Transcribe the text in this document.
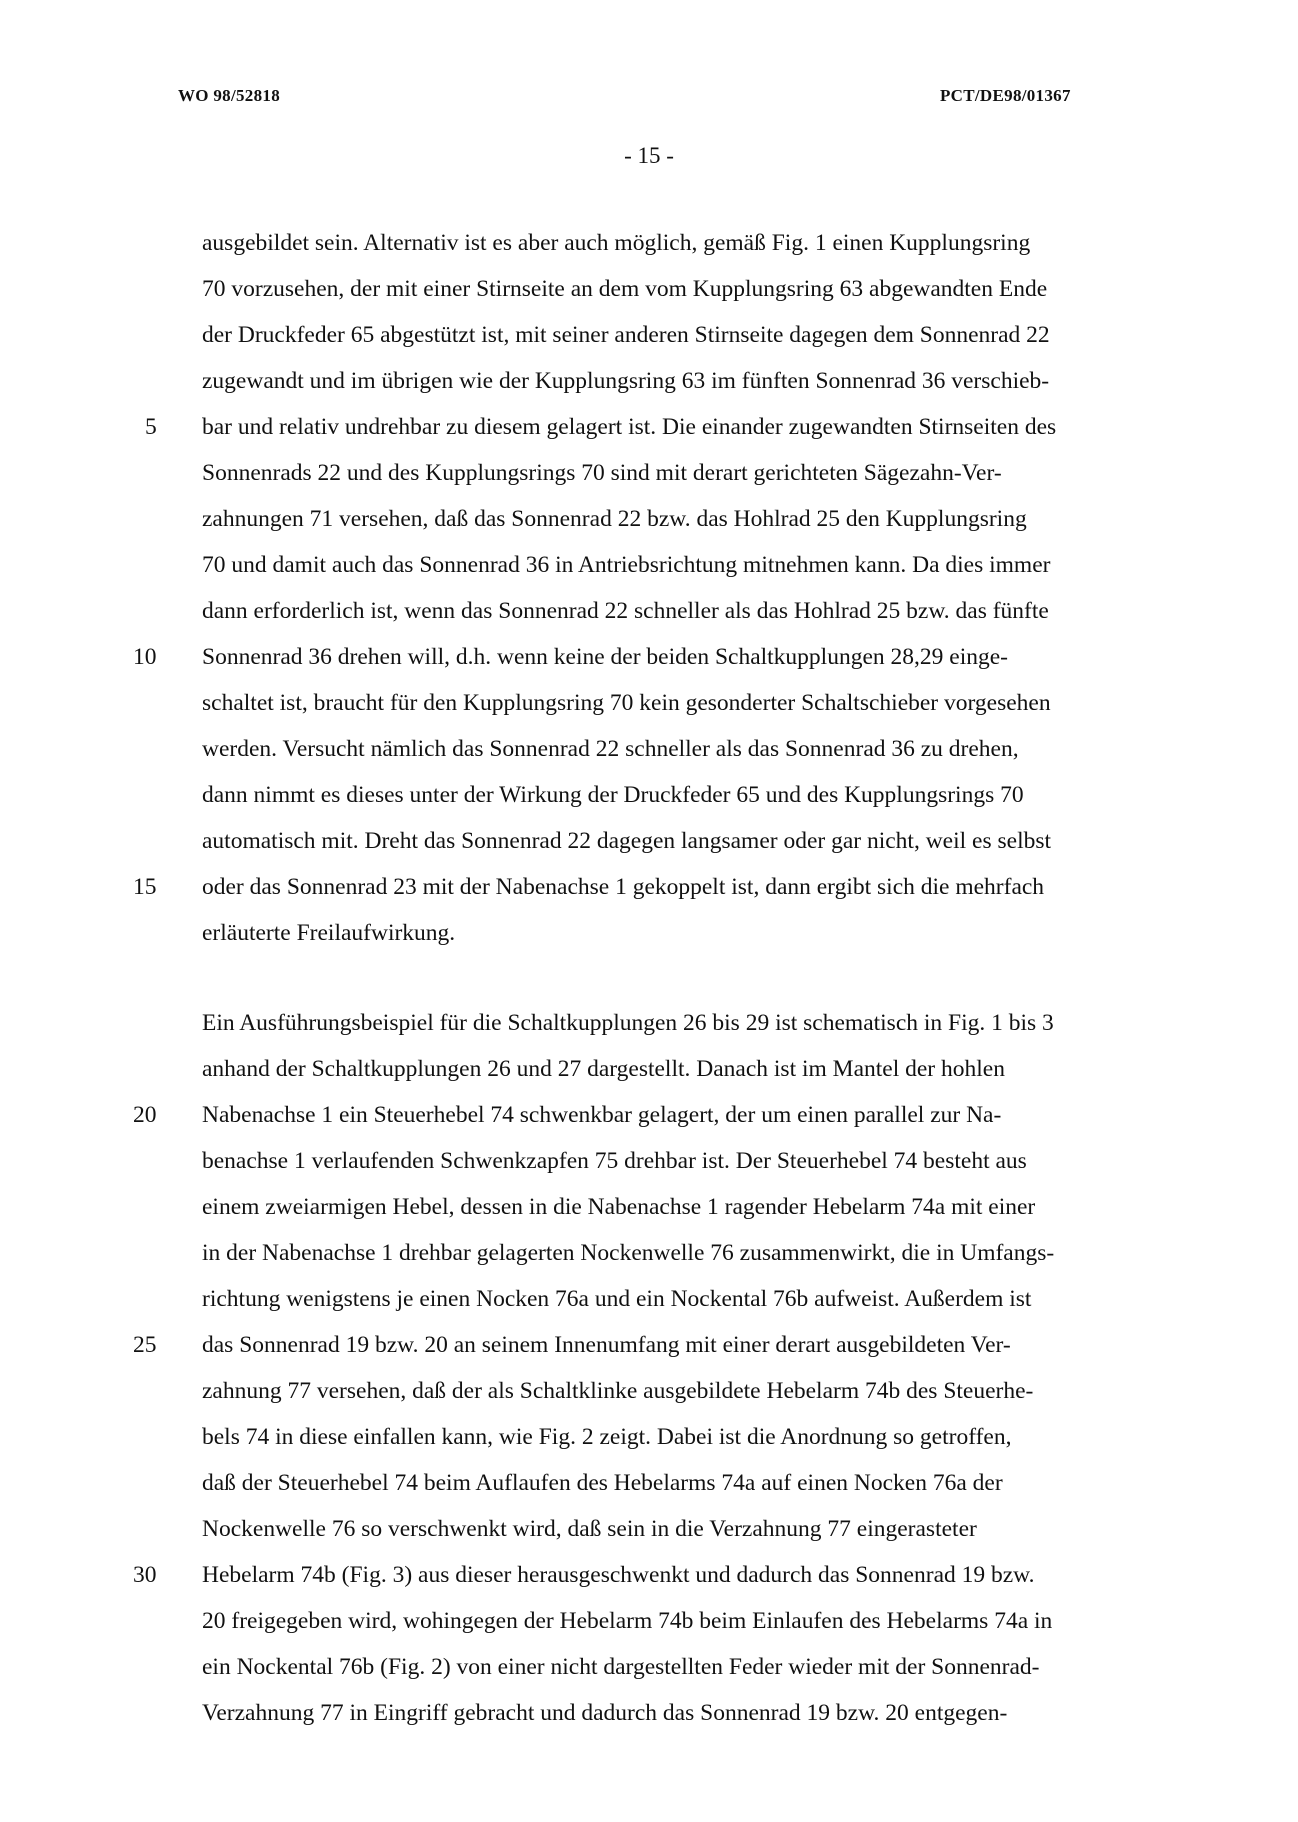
WO 98/52818	PCT/DE98/01367
- 15 -
ausgebildet sein. Alternativ ist es aber auch möglich, gemäß Fig. 1 einen Kupplungsring
70 vorzusehen, der mit einer Stirnseite an dem vom Kupplungsring 63 abgewandten Ende
der Druckfeder 65 abgestützt ist, mit seiner anderen Stirnseite dagegen dem Sonnenrad 22
zugewandt und im übrigen wie der Kupplungsring 63 im fünften Sonnenrad 36 verschieb-
bar und relativ undrehbar zu diesem gelagert ist. Die einander zugewandten Stirnseiten des
Sonnenrads 22 und des Kupplungsrings 70 sind mit derart gerichteten Sägezahn-Ver-
zahnungen 71 versehen, daß das Sonnenrad 22 bzw. das Hohlrad 25 den Kupplungsring
70 und damit auch das Sonnenrad 36 in Antriebsrichtung mitnehmen kann. Da dies immer
dann erforderlich ist, wenn das Sonnenrad 22 schneller als das Hohlrad 25 bzw. das fünfte
Sonnenrad 36 drehen will, d.h. wenn keine der beiden Schaltkupplungen 28,29 einge-
schaltet ist, braucht für den Kupplungsring 70 kein gesonderter Schaltschieber vorgesehen
werden. Versucht nämlich das Sonnenrad 22 schneller als das Sonnenrad 36 zu drehen,
dann nimmt es dieses unter der Wirkung der Druckfeder 65 und des Kupplungsrings 70
automatisch mit. Dreht das Sonnenrad 22 dagegen langsamer oder gar nicht, weil es selbst
oder das Sonnenrad 23 mit der Nabenachse 1 gekoppelt ist, dann ergibt sich die mehrfach
erläuterte Freilaufwirkung.
Ein Ausführungsbeispiel für die Schaltkupplungen 26 bis 29 ist schematisch in Fig. 1 bis 3
anhand der Schaltkupplungen 26 und 27 dargestellt. Danach ist im Mantel der hohlen
Nabenachse 1 ein Steuerhebel 74 schwenkbar gelagert, der um einen parallel zur Na-
benachse 1 verlaufenden Schwenkzapfen 75 drehbar ist. Der Steuerhebel 74 besteht aus
einem zweiarmigen Hebel, dessen in die Nabenachse 1 ragender Hebelarm 74a mit einer
in der Nabenachse 1 drehbar gelagerten Nockenwelle 76 zusammenwirkt, die in Umfangs-
richtung wenigstens je einen Nocken 76a und ein Nockental 76b aufweist. Außerdem ist
das Sonnenrad 19 bzw. 20 an seinem Innenumfang mit einer derart ausgebildeten Ver-
zahnung 77 versehen, daß der als Schaltklinke ausgebildete Hebelarm 74b des Steuerhe-
bels 74 in diese einfallen kann, wie Fig. 2 zeigt. Dabei ist die Anordnung so getroffen,
daß der Steuerhebel 74 beim Auflaufen des Hebelarms 74a auf einen Nocken 76a der
Nockenwelle 76 so verschwenkt wird, daß sein in die Verzahnung 77 eingerasteter
Hebelarm 74b (Fig. 3) aus dieser herausgeschwenkt und dadurch das Sonnenrad 19 bzw.
20 freigegeben wird, wohingegen der Hebelarm 74b beim Einlaufen des Hebelarms 74a in
ein Nockental 76b (Fig. 2) von einer nicht dargestellten Feder wieder mit der Sonnenrad-
Verzahnung 77 in Eingriff gebracht und dadurch das Sonnenrad 19 bzw. 20 entgegen-
5
10
15
20
25
30
